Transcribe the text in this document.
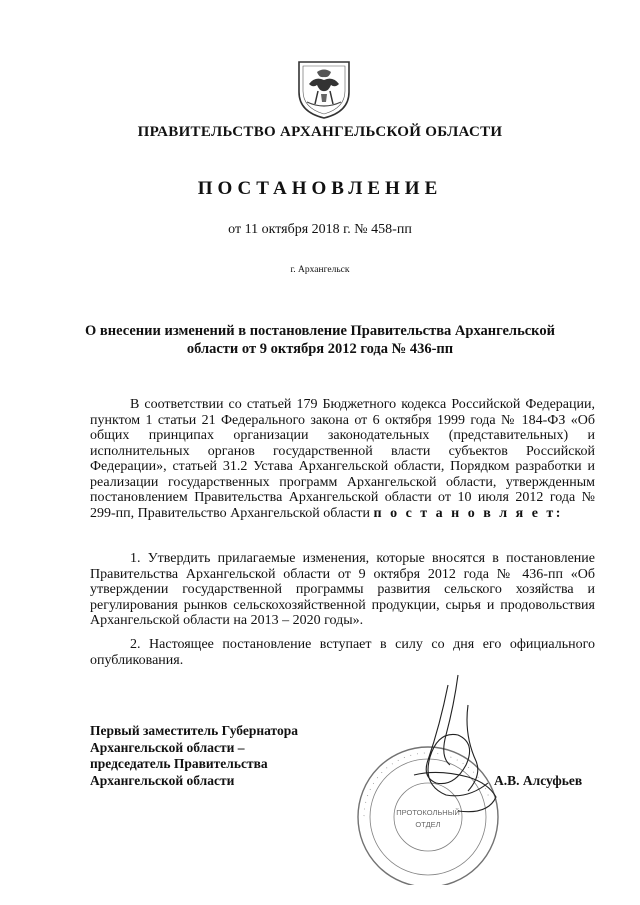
ПРАВИТЕЛЬСТВО АРХАНГЕЛЬСКОЙ ОБЛАСТИ
ПОСТАНОВЛЕНИЕ
от 11 октября 2018 г. № 458-пп
г. Архангельск
О внесении изменений в постановление Правительства Архангельской области от 9 октября 2012 года № 436-пп
В соответствии со статьей 179 Бюджетного кодекса Российской Федерации, пунктом 1 статьи 21 Федерального закона от 6 октября 1999 года № 184-ФЗ «Об общих принципах организации законодательных (представительных) и исполнительных органов государственной власти субъектов Российской Федерации», статьей 31.2 Устава Архангельской области, Порядком разработки и реализации государственных программ Архангельской области, утвержденным постановлением Правительства Архангельской области от 10 июля 2012 года № 299-пп, Правительство Архангельской области п о с т а н о в л я е т:
1. Утвердить прилагаемые изменения, которые вносятся в постановление Правительства Архангельской области от 9 октября 2012 года № 436-пп «Об утверждении государственной программы развития сельского хозяйства и регулирования рынков сельскохозяйственной продукции, сырья и продовольствия Архангельской области на 2013 – 2020 годы».
2. Настоящее постановление вступает в силу со дня его официального опубликования.
· · · · · · · · · · · · · · · · · · · · · · · · · · ·
ПРОТОКОЛЬНЫЙ
ОТДЕЛ
Первый заместитель Губернатора
Архангельской области –
председатель Правительства
Архангельской области	А.В. Алсуфьев
